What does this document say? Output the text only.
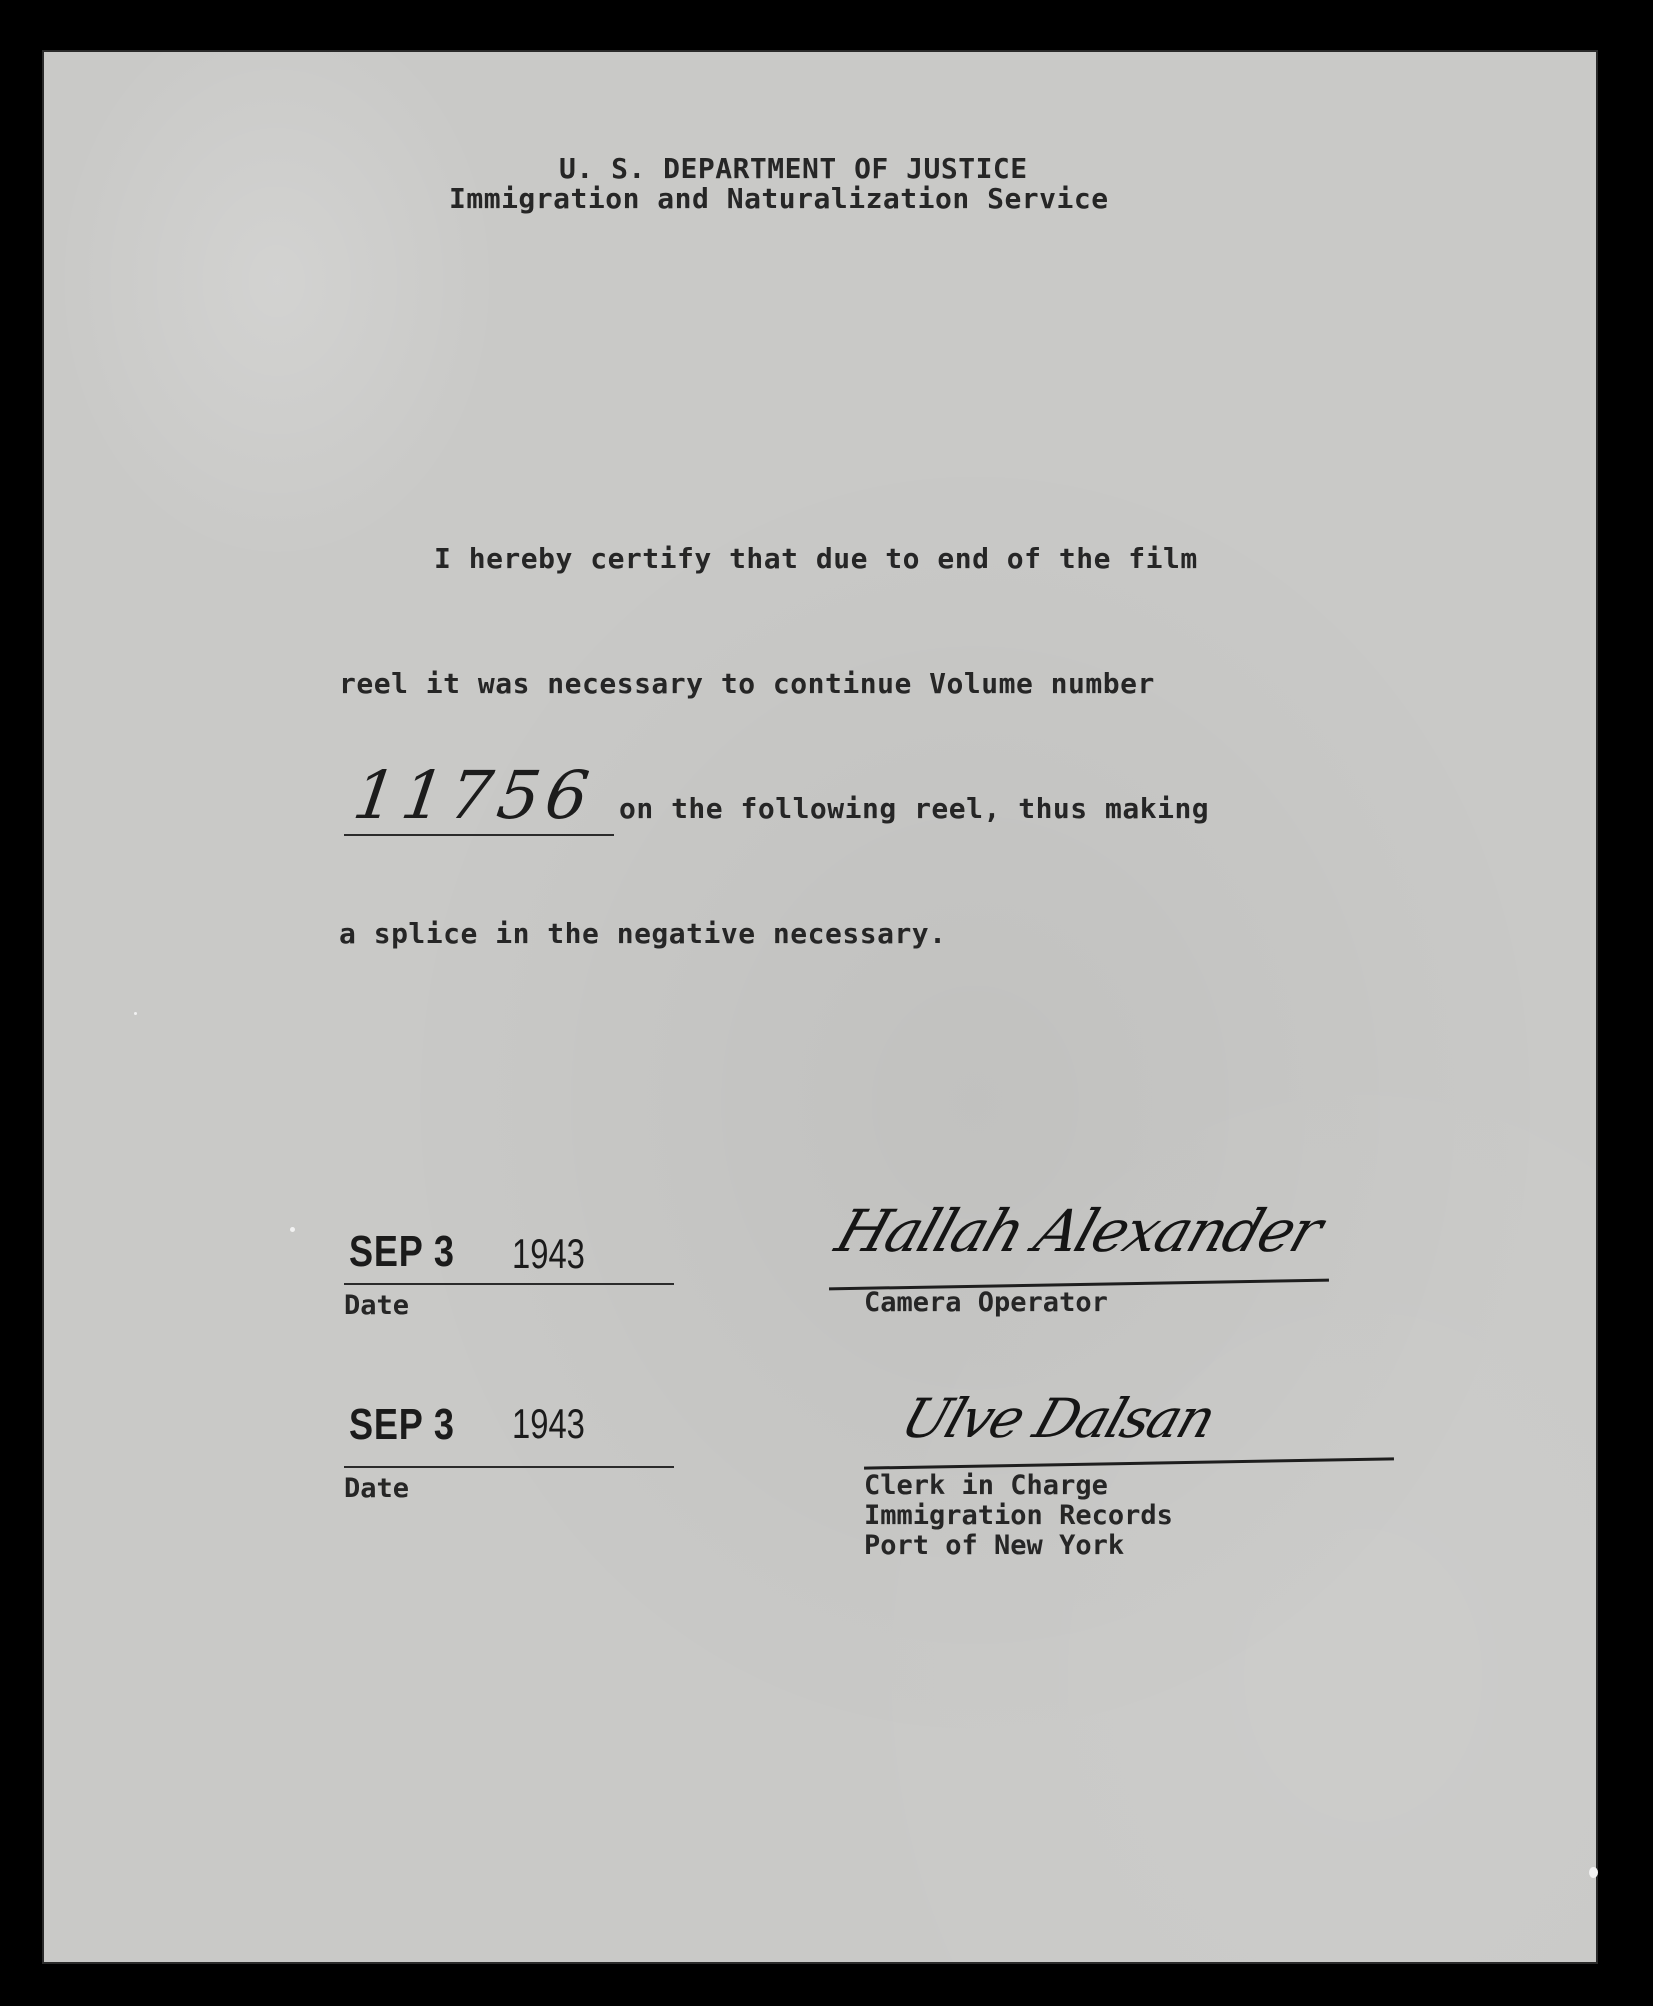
U. S. DEPARTMENT OF JUSTICE
Immigration and Naturalization Service
I hereby certify that due to end of the film
reel it was necessary to continue Volume number
11756 on the following reel, thus making
a splice in the negative necessary.
SEP 3 1943
Date
Hallah Alexander
Camera Operator
SEP 3 1943
Date
Ulve Dalsan
Clerk in Charge
Immigration Records
Port of New York
